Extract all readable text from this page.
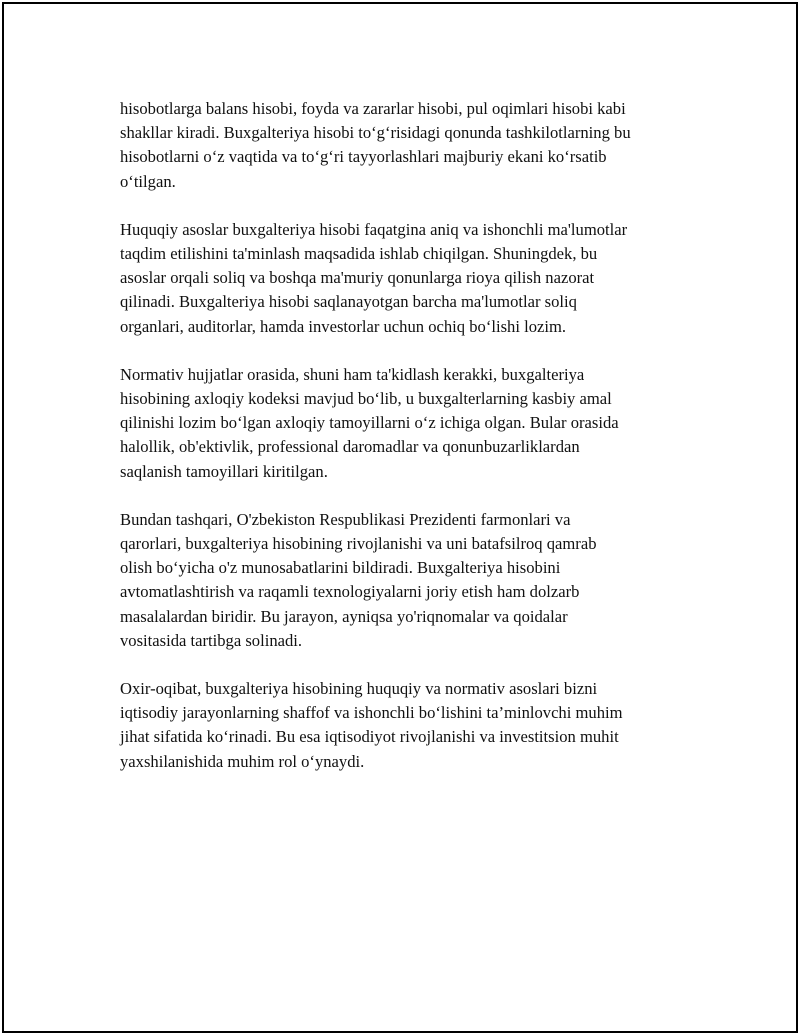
hisobotlarga balans hisobi, foyda va zararlar hisobi, pul oqimlari hisobi kabi
shakllar kiradi. Buxgalteriya hisobi to‘g‘risidagi qonunda tashkilotlarning bu
hisobotlarni o‘z vaqtida va to‘g‘ri tayyorlashlari majburiy ekani ko‘rsatib
o‘tilgan.

Huquqiy asoslar buxgalteriya hisobi faqatgina aniq va ishonchli ma'lumotlar
taqdim etilishini ta'minlash maqsadida ishlab chiqilgan. Shuningdek, bu
asoslar orqali soliq va boshqa ma'muriy qonunlarga rioya qilish nazorat
qilinadi. Buxgalteriya hisobi saqlanayotgan barcha ma'lumotlar soliq
organlari, auditorlar, hamda investorlar uchun ochiq bo‘lishi lozim.

Normativ hujjatlar orasida, shuni ham ta'kidlash kerakki, buxgalteriya
hisobining axloqiy kodeksi mavjud bo‘lib, u buxgalterlarning kasbiy amal
qilinishi lozim bo‘lgan axloqiy tamoyillarni o‘z ichiga olgan. Bular orasida
halollik, ob'ektivlik, professional daromadlar va qonunbuzarliklardan
saqlanish tamoyillari kiritilgan.

Bundan tashqari, O'zbekiston Respublikasi Prezidenti farmonlari va
qarorlari, buxgalteriya hisobining rivojlanishi va uni batafsilroq qamrab
olish bo‘yicha o'z munosabatlarini bildiradi. Buxgalteriya hisobini
avtomatlashtirish va raqamli texnologiyalarni joriy etish ham dolzarb
masalalardan biridir. Bu jarayon, ayniqsa yo'riqnomalar va qoidalar
vositasida tartibga solinadi.

Oxir-oqibat, buxgalteriya hisobining huquqiy va normativ asoslari bizni
iqtisodiy jarayonlarning shaffof va ishonchli bo‘lishini ta’minlovchi muhim
jihat sifatida ko‘rinadi. Bu esa iqtisodiyot rivojlanishi va investitsion muhit
yaxshilanishida muhim rol o‘ynaydi.
